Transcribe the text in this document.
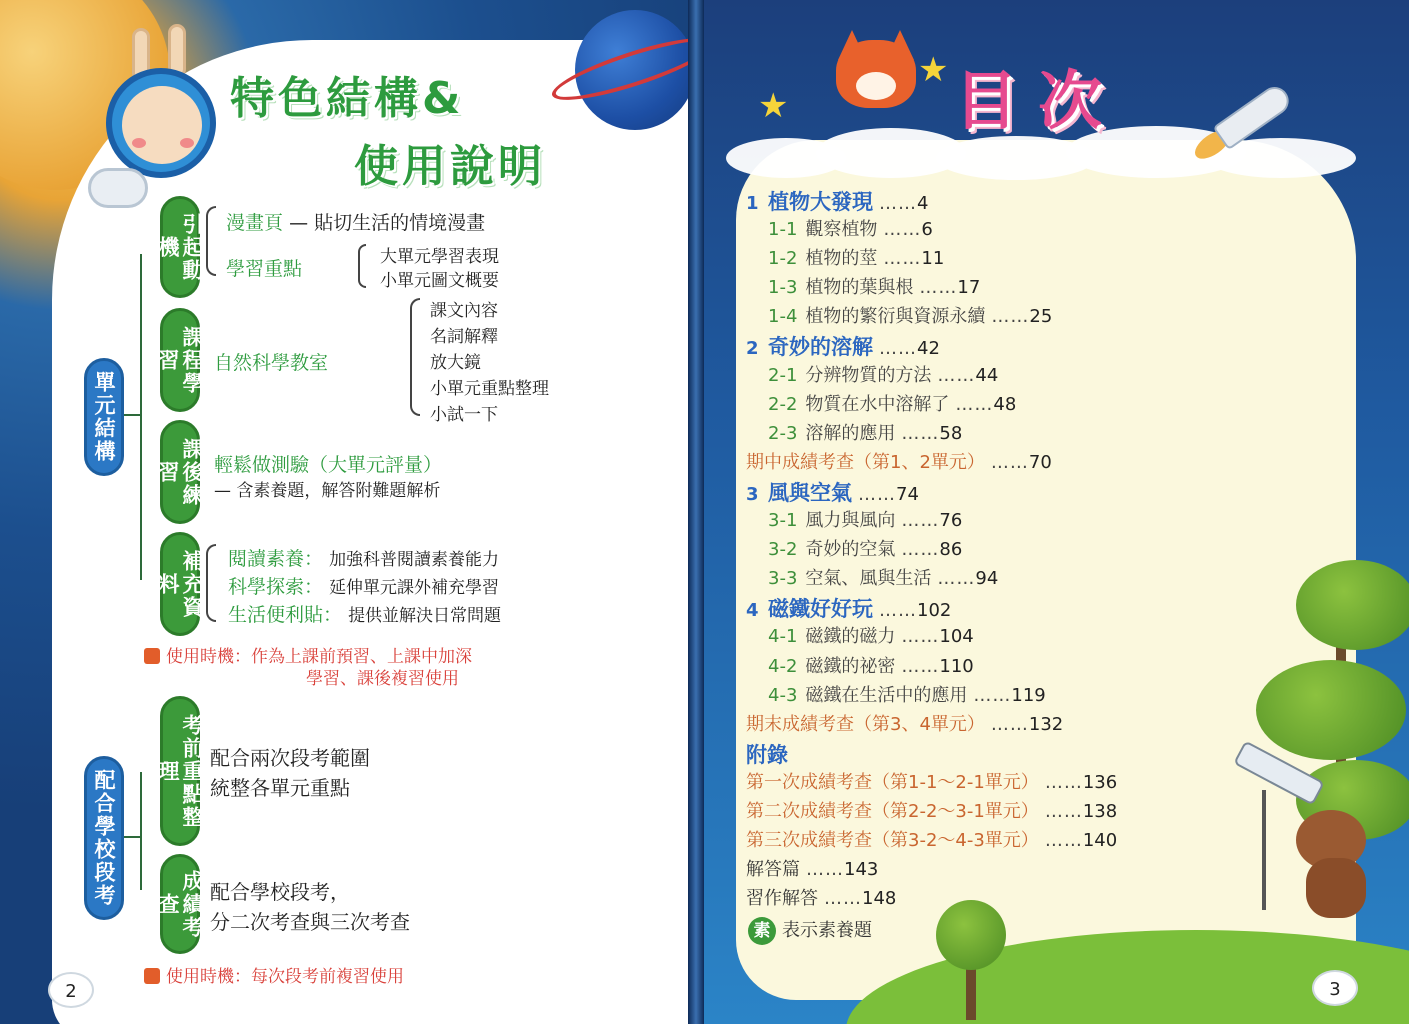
特色結構&
使用說明
單元結構
引起動機
課程學習
課後練習
補充資料
漫畫頁 — 貼切生活的情境漫畫
學習重點
大單元學習表現
小單元圖文概要
自然科學教室
課文內容
名詞解釋
放大鏡
小單元重點整理
小試一下
輕鬆做測驗（大單元評量）
— 含素養題，解答附難題解析
閱讀素養： 加強科普閱讀素養能力
科學探索： 延伸單元課外補充學習
生活便利貼： 提供並解決日常問題
使用時機：作為上課前預習、上課中加深
學習、課後複習使用
配合學校段考	考前重點整理
成績考查
配合兩次段考範圍
統整各單元重點
配合學校段考，
分二次考查與三次考查
使用時機：每次段考前複習使用
2
★
★ 目次
1 植物大發現 …… 4
1-1 觀察植物 …… 6
1-2 植物的莖 …… 11
1-3 植物的葉與根 …… 17
1-4 植物的繁衍與資源永續 …… 25
2 奇妙的溶解 …… 42
2-1 分辨物質的方法 …… 44
2-2 物質在水中溶解了 …… 48
2-3 溶解的應用 …… 58
期中成績考查（第1、2單元） …… 70
3 風與空氣 …… 74
3-1 風力與風向 …… 76
3-2 奇妙的空氣 …… 86
3-3 空氣、風與生活 …… 94
4 磁鐵好好玩 …… 102
4-1 磁鐵的磁力 …… 104
4-2 磁鐵的祕密 …… 110
4-3 磁鐵在生活中的應用 …… 119
期末成績考查（第3、4單元） …… 132
附錄
第一次成績考查（第1-1～2-1單元） …… 136
第二次成績考查（第2-2～3-1單元） …… 138
第三次成績考查（第3-2～4-3單元） …… 140
解答篇 …… 143
習作解答 …… 148
素 表示素養題
3
